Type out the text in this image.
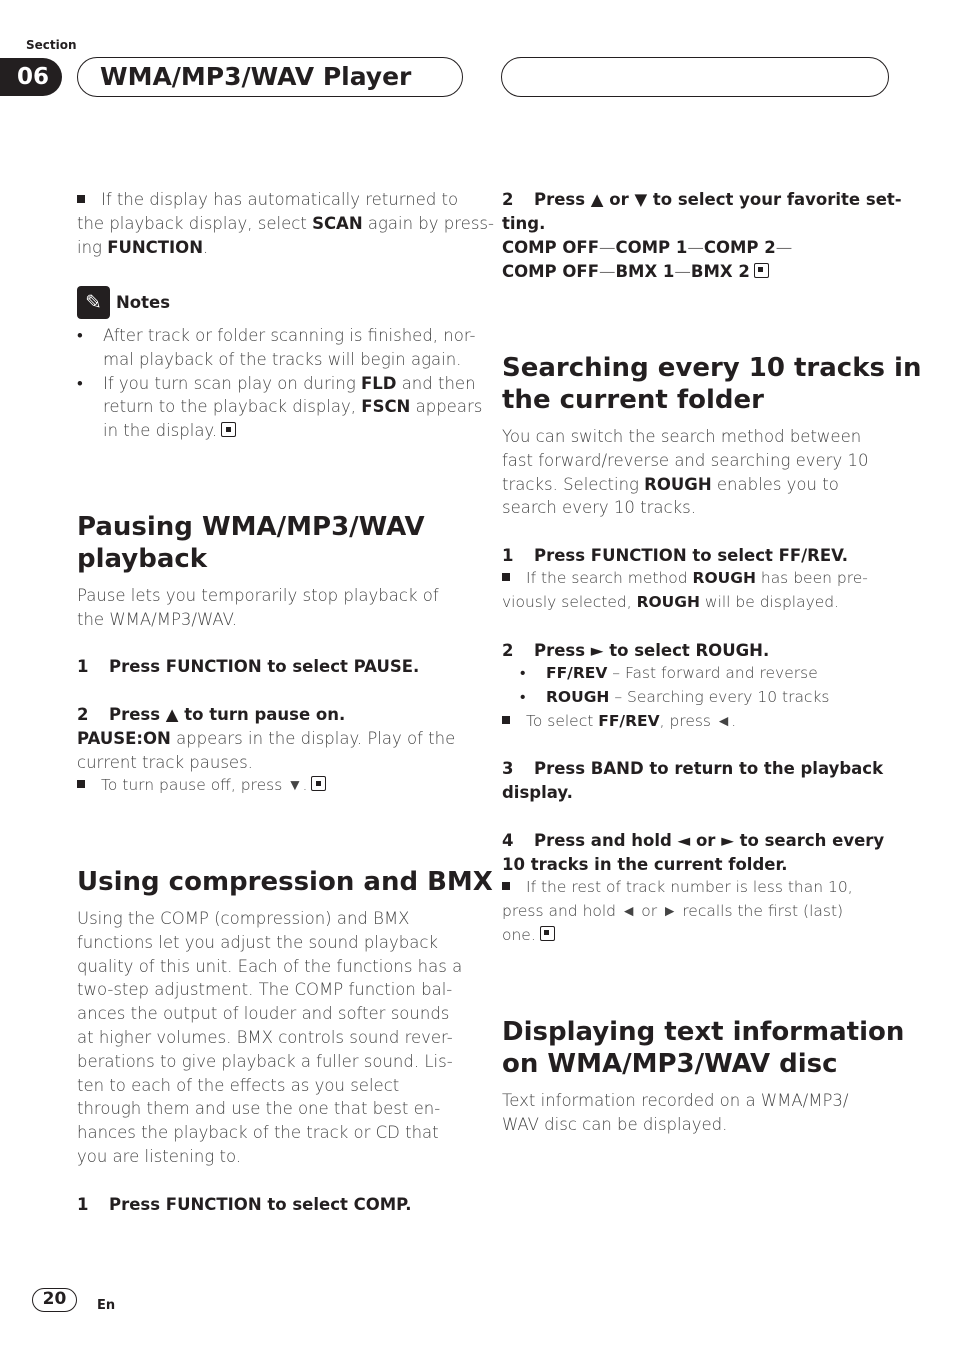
Section
06	WMA/MP3/WAV Player
If the display has automatically returned to
the playback display, select SCAN again by press-
ing FUNCTION.
✎ Notes
• After track or folder scanning is finished, nor-
mal playback of the tracks will begin again.
• If you turn scan play on during FLD and then
return to the playback display, FSCN appears
in the display.
Pausing WMA/MP3/WAV
playback
Pause lets you temporarily stop playback of
the WMA/MP3/WAV.
1 Press FUNCTION to select PAUSE.
2 Press ▲ to turn pause on.
PAUSE:ON appears in the display. Play of the
current track pauses.
To turn pause off, press ▼.
Using compression and BMX
Using the COMP (compression) and BMX
functions let you adjust the sound playback
quality of this unit. Each of the functions has a
two-step adjustment. The COMP function bal-
ances the output of louder and softer sounds
at higher volumes. BMX controls sound rever-
berations to give playback a fuller sound. Lis-
ten to each of the effects as you select
through them and use the one that best en-
hances the playback of the track or CD that
you are listening to.
1 Press FUNCTION to select COMP.
2 Press ▲ or ▼ to select your favorite set-
ting.
COMP OFF—COMP 1—COMP 2—
COMP OFF—BMX 1—BMX 2
Searching every 10 tracks in
the current folder
You can switch the search method between
fast forward/reverse and searching every 10
tracks. Selecting ROUGH enables you to
search every 10 tracks.
1 Press FUNCTION to select FF/REV.
If the search method ROUGH has been pre-
viously selected, ROUGH will be displayed.
2 Press ► to select ROUGH.
• FF/REV – Fast forward and reverse
• ROUGH – Searching every 10 tracks
To select FF/REV, press ◄.
3 Press BAND to return to the playback
display.
4 Press and hold ◄ or ► to search every
10 tracks in the current folder.
If the rest of track number is less than 10,
press and hold ◄ or ► recalls the first (last)
one.
Displaying text information
on WMA/MP3/WAV disc
Text information recorded on a WMA/MP3/
WAV disc can be displayed.
20	En
